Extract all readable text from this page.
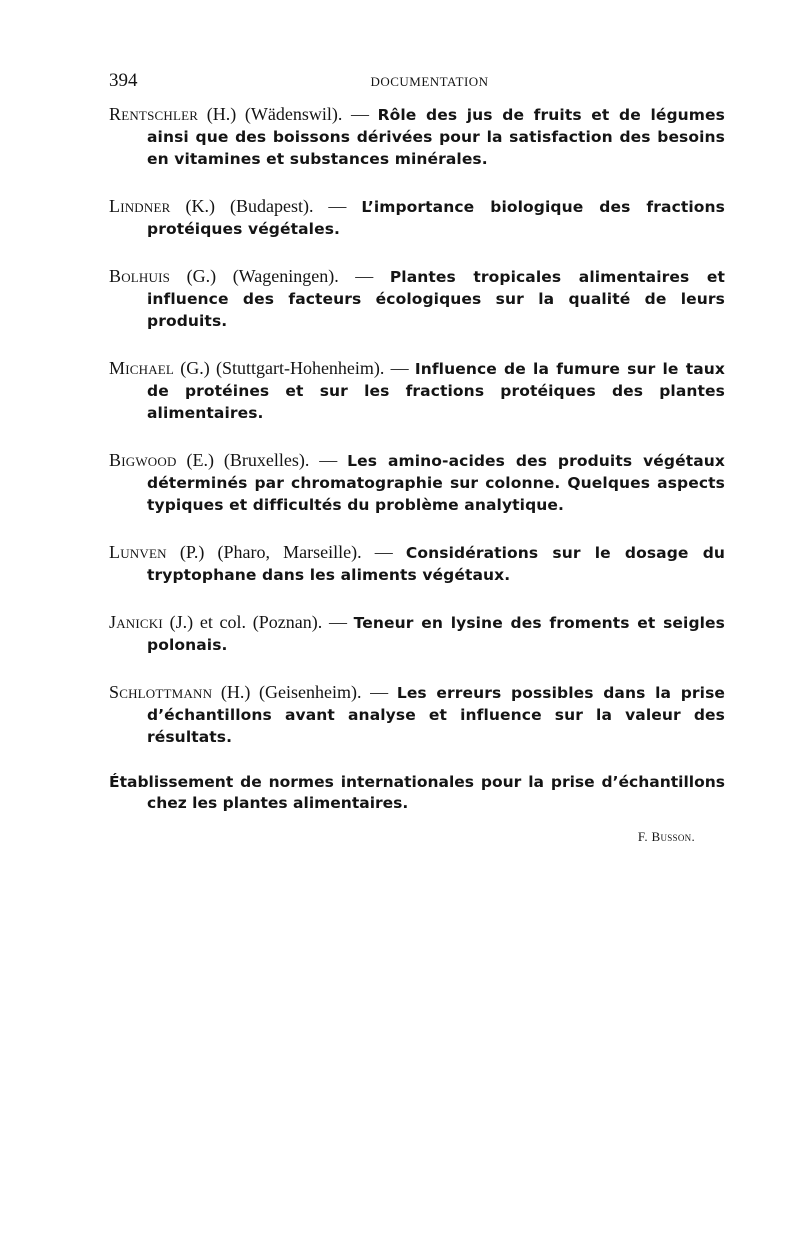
394	DOCUMENTATION

Rentschler (H.) (Wädenswil). — Rôle des jus de fruits et de légumes ainsi que des boissons dérivées pour la satisfaction des besoins en vitamines et substances minérales.

Lindner (K.) (Budapest). — L’importance biologique des fractions protéiques végétales.

Bolhuis (G.) (Wageningen). — Plantes tropicales alimentaires et influence des facteurs écologiques sur la qualité de leurs produits.

Michael (G.) (Stuttgart-Hohenheim). — Influence de la fumure sur le taux de protéines et sur les fractions protéiques des plantes alimentaires.

Bigwood (E.) (Bruxelles). — Les amino-acides des produits végétaux déterminés par chromatographie sur colonne. Quelques aspects typiques et difficultés du problème analytique.

Lunven (P.) (Pharo, Marseille). — Considérations sur le dosage du tryptophane dans les aliments végétaux.

Janicki (J.) et col. (Poznan). — Teneur en lysine des froments et seigles polonais.

Schlottmann (H.) (Geisenheim). — Les erreurs possibles dans la prise d’échantillons avant analyse et influence sur la valeur des résultats.

Établissement de normes internationales pour la prise d’échantillons chez les plantes alimentaires.

F. Busson.
